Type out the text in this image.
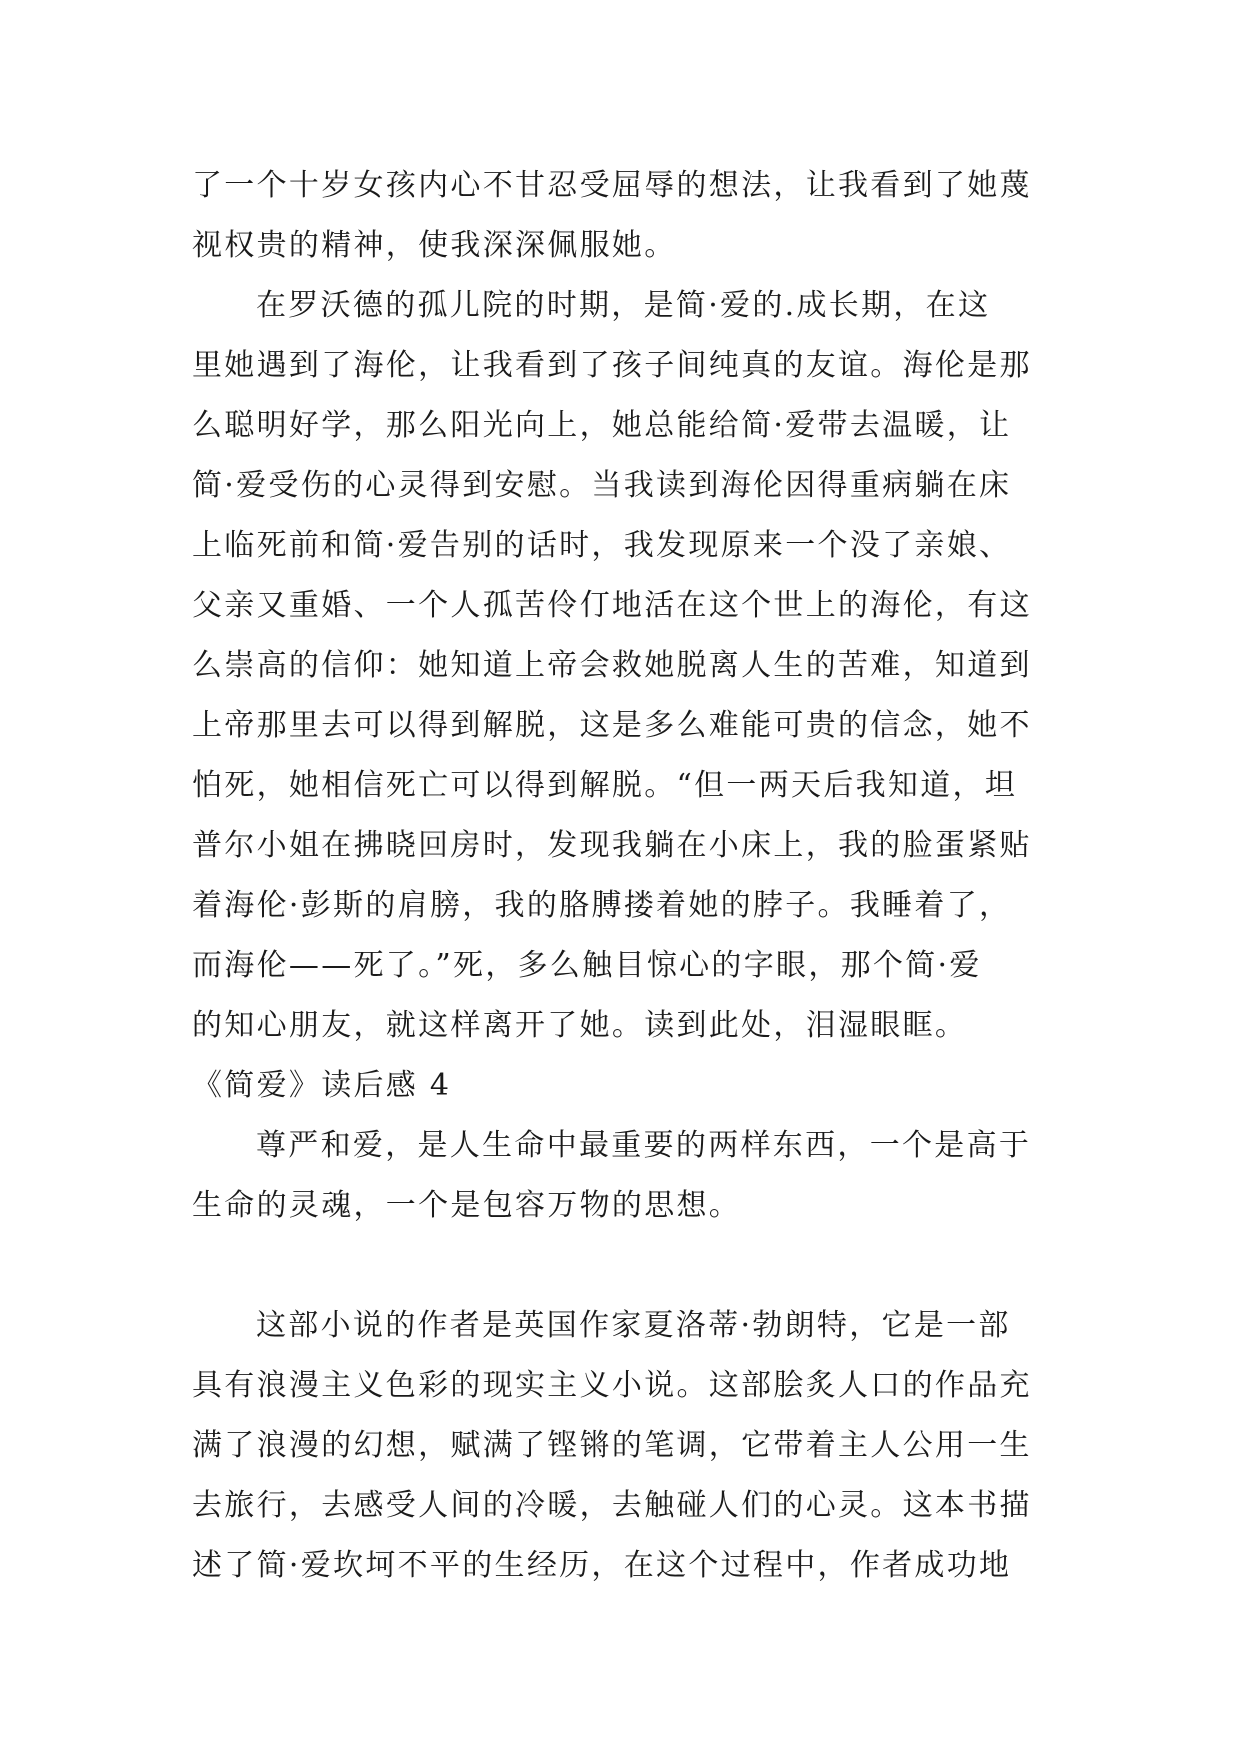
了一个十岁女孩内心不甘忍受屈辱的想法，让我看到了她蔑
视权贵的精神，使我深深佩服她。
在罗沃德的孤儿院的时期，是简·爱的.成长期，在这
里她遇到了海伦，让我看到了孩子间纯真的友谊。海伦是那
么聪明好学，那么阳光向上，她总能给简·爱带去温暖，让
简·爱受伤的心灵得到安慰。当我读到海伦因得重病躺在床
上临死前和简·爱告别的话时，我发现原来一个没了亲娘、
父亲又重婚、一个人孤苦伶仃地活在这个世上的海伦，有这
么崇高的信仰：她知道上帝会救她脱离人生的苦难，知道到
上帝那里去可以得到解脱，这是多么难能可贵的信念，她不
怕死，她相信死亡可以得到解脱。“但一两天后我知道，坦
普尔小姐在拂晓回房时，发现我躺在小床上，我的脸蛋紧贴
着海伦·彭斯的肩膀，我的胳膊搂着她的脖子。我睡着了，
而海伦——死了。”死，多么触目惊心的字眼，那个简·爱
的知心朋友，就这样离开了她。读到此处，泪湿眼眶。
《简爱》读后感 4
尊严和爱，是人生命中最重要的两样东西，一个是高于
生命的灵魂，一个是包容万物的思想。
这部小说的作者是英国作家夏洛蒂·勃朗特，它是一部
具有浪漫主义色彩的现实主义小说。这部脍炙人口的作品充
满了浪漫的幻想，赋满了铿锵的笔调，它带着主人公用一生
去旅行，去感受人间的冷暖，去触碰人们的心灵。这本书描
述了简·爱坎坷不平的生经历，在这个过程中，作者成功地
